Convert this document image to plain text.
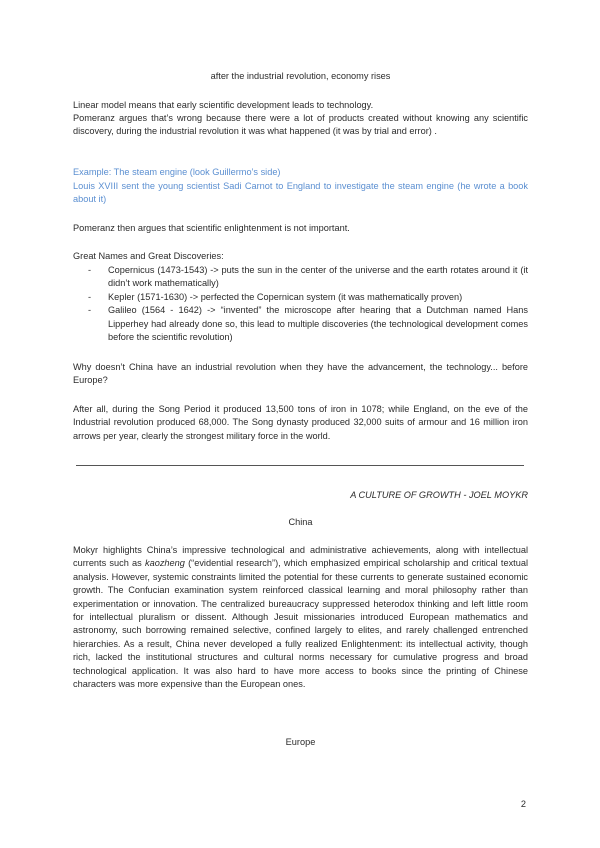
after the industrial revolution, economy rises

Linear model means that early scientific development leads to technology.

Pomeranz argues that’s wrong because there were a lot of products created without knowing any scientific discovery, during the industrial revolution it was what happened (it was by trial and error) .

Example: The steam engine (look Guillermo’s side)

Louis XVIII sent the young scientist Sadi Carnot to England to investigate the steam engine (he wrote a book about it)

Pomeranz then argues that scientific enlightenment is not important.

Great Names and Great Discoveries:

- Copernicus (1473-1543) -> puts the sun in the center of the universe and the earth rotates around it (it didn’t work mathematically)
- Kepler (1571-1630) -> perfected the Copernican system (it was mathematically proven)
- Galileo (1564 - 1642) -> “invented” the microscope after hearing that a Dutchman named Hans Lipperhey had already done so, this lead to multiple discoveries (the technological development comes before the scientific revolution)

Why doesn’t China have an industrial revolution when they have the advancement, the technology... before Europe?

After all, during the Song Period it produced 13,500 tons of iron in 1078; while England, on the eve of the Industrial revolution produced 68,000. The Song dynasty produced 32,000 suits of armour and 16 million iron arrows per year, clearly the strongest military force in the world.

A CULTURE OF GROWTH - JOEL MOYKR

China

Mokyr highlights China’s impressive technological and administrative achievements, along with intellectual currents such as kaozheng (“evidential research”), which emphasized empirical scholarship and critical textual analysis. However, systemic constraints limited the potential for these currents to generate sustained economic growth. The Confucian examination system reinforced classical learning and moral philosophy rather than experimentation or innovation. The centralized bureaucracy suppressed heterodox thinking and left little room for intellectual pluralism or dissent. Although Jesuit missionaries introduced European mathematics and astronomy, such borrowing remained selective, confined largely to elites, and rarely challenged entrenched hierarchies. As a result, China never developed a fully realized Enlightenment: its intellectual activity, though rich, lacked the institutional structures and cultural norms necessary for cumulative progress and broad technological application. It was also hard to have more access to books since the printing of Chinese characters was more expensive than the European ones.

Europe

2
